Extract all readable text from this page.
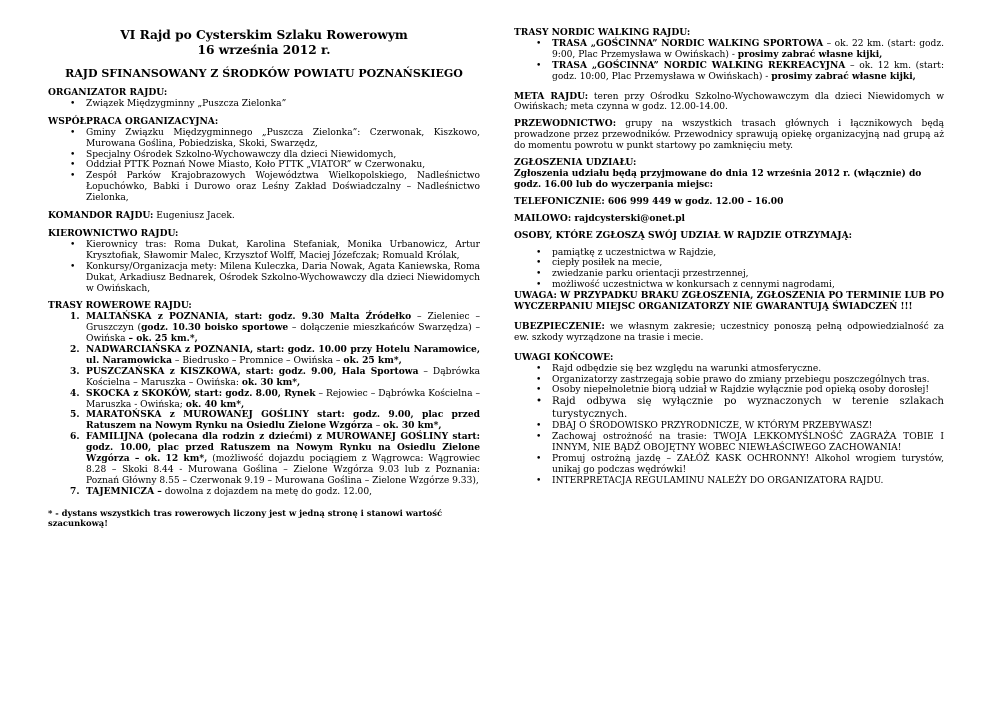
VI Rajd po Cysterskim Szlaku Rowerowym

16 września 2012 r.

RAJD SFINANSOWANY Z ŚRODKÓW POWIATU POZNAŃSKIEGO

ORGANIZATOR RAJDU:

• Związek Międzygminny „Puszcza Zielonka”

WSPÓŁPRACA ORGANIZACYJNA:

• Gminy Związku Międzygminnego „Puszcza Zielonka”: Czerwonak, Kiszkowo, Murowana Goślina, Pobiedziska, Skoki, Swarzędz,
• Specjalny Ośrodek Szkolno-Wychowawczy dla dzieci Niewidomych,
• Oddział PTTK Poznań Nowe Miasto, Koło PTTK „VIATOR” w Czerwonaku,
• Zespół Parków Krajobrazowych Województwa Wielkopolskiego, Nadleśnictwo Łopuchówko, Babki i Durowo oraz Leśny Zakład Doświadczalny – Nadleśnictwo Zielonka,

KOMANDOR RAJDU: Eugeniusz Jacek.

KIEROWNICTWO RAJDU:

• Kierownicy tras: Roma Dukat, Karolina Stefaniak, Monika Urbanowicz, Artur Krysztofiak, Sławomir Malec, Krzysztof Wolff, Maciej Józefczak; Romuald Królak,
• Konkursy/Organizacja mety: Milena Kuleczka, Daria Nowak, Agata Kaniewska, Roma Dukat, Arkadiusz Bednarek, Ośrodek Szkolno-Wychowawczy dla dzieci Niewidomych w Owińskach,

TRASY ROWEROWE RAJDU:

1. MALTAŃSKA z POZNANIA, start: godz. 9.30 Malta Źródełko – Zieleniec – Gruszczyn (godz. 10.30 boisko sportowe – dołączenie mieszkańców Swarzędza) – Owińska – ok. 25 km.*,
2. NADWARCIAŃSKA z POZNANIA, start: godz. 10.00 przy Hotelu Naramowice, ul. Naramowicka – Biedrusko – Promnice – Owińska – ok. 25 km*,
3. PUSZCZAŃSKA z KISZKOWA, start: godz. 9.00, Hala Sportowa – Dąbrówka Kościelna – Maruszka – Owińska: ok. 30 km*,
4. SKOCKA z SKOKÓW, start: godz. 8.00, Rynek – Rejowiec – Dąbrówka Kościelna – Maruszka - Owińska; ok. 40 km*,
5. MARATOŃSKA z MUROWANEJ GOŚLINY start: godz. 9.00, plac przed Ratuszem na Nowym Rynku na Osiedlu Zielone Wzgórza – ok. 30 km*,
6. FAMILIJNA (polecana dla rodzin z dziećmi) z MUROWANEJ GOŚLINY start: godz. 10.00, plac przed Ratuszem na Nowym Rynku na Osiedlu Zielone Wzgórza – ok. 12 km*, (możliwość dojazdu pociągiem z Wągrowca: Wągrowiec 8.28 – Skoki 8.44 - Murowana Goślina – Zielone Wzgórza 9.03 lub z Poznania: Poznań Główny 8.55 – Czerwonak 9.19 – Murowana Goślina – Zielone Wzgórze 9.33),
7. TAJEMNICZA – dowolna z dojazdem na metę do godz. 12.00,

* - dystans wszystkich tras rowerowych liczony jest w jedną stronę i stanowi wartość szacunkową!

TRASY NORDIC WALKING RAJDU:

• TRASA „GOŚCINNA” NORDIC WALKING SPORTOWA – ok. 22 km. (start: godz. 9:00, Plac Przemysława w Owińskach) - prosimy zabrać własne kijki,
• TRASA „GOŚCINNA” NORDIC WALKING REKREACYJNA – ok. 12 km. (start: godz. 10:00, Plac Przemysława w Owińskach) - prosimy zabrać własne kijki,

META RAJDU: teren przy Ośrodku Szkolno-Wychowawczym dla dzieci Niewidomych w Owińskach; meta czynna w godz. 12.00-14.00.

PRZEWODNICTWO: grupy na wszystkich trasach głównych i łącznikowych będą prowadzone przez przewodników. Przewodnicy sprawują opiekę organizacyjną nad grupą aż do momentu powrotu w punkt startowy po zamknięciu mety.

ZGŁOSZENIA UDZIAŁU:

Zgłoszenia udziału będą przyjmowane do dnia 12 września 2012 r. (włącznie) do godz. 16.00 lub do wyczerpania miejsc:

TELEFONICZNIE: 606 999 449 w godz. 12.00 – 16.00

MAILOWO: rajdcysterski@onet.pl

OSOBY, KTÓRE ZGŁOSZĄ SWÓJ UDZIAŁ W RAJDZIE OTRZYMAJĄ:

• pamiątkę z uczestnictwa w Rajdzie,
• ciepły posiłek na mecie,
• zwiedzanie parku orientacji przestrzennej,
• możliwość uczestnictwa w konkursach z cennymi nagrodami,

UWAGA: W PRZYPADKU BRAKU ZGŁOSZENIA, ZGŁOSZENIA PO TERMINIE LUB PO WYCZERPANIU MIEJSC ORGANIZATORZY NIE GWARANTUJĄ ŚWIADCZEŃ !!!

UBEZPIECZENIE: we własnym zakresie; uczestnicy ponoszą pełną odpowiedzialność za ew. szkody wyrządzone na trasie i mecie.

UWAGI KOŃCOWE:

• Rajd odbędzie się bez względu na warunki atmosferyczne.
• Organizatorzy zastrzegają sobie prawo do zmiany przebiegu poszczególnych tras.
• Osoby niepełnoletnie biorą udział w Rajdzie wyłącznie pod opieką osoby dorosłej!
• Rajd odbywa się wyłącznie po wyznaczonych w terenie szlakach turystycznych.
• DBAJ O ŚRODOWISKO PRZYRODNICZE, W KTÓRYM PRZEBYWASZ!
• Zachowaj ostrożność na trasie: TWOJA LEKKOMYŚLNOŚĆ ZAGRAŻA TOBIE I INNYM, NIE BĄDŹ OBOJĘTNY WOBEC NIEWŁAŚCIWEGO ZACHOWANIA!
• Promuj ostrożną jazdę – ZAŁÓŻ KASK OCHRONNY! Alkohol wrogiem turystów, unikaj go podczas wędrówki!
• INTERPRETACJA REGULAMINU NALEŻY DO ORGANIZATORA RAJDU.
